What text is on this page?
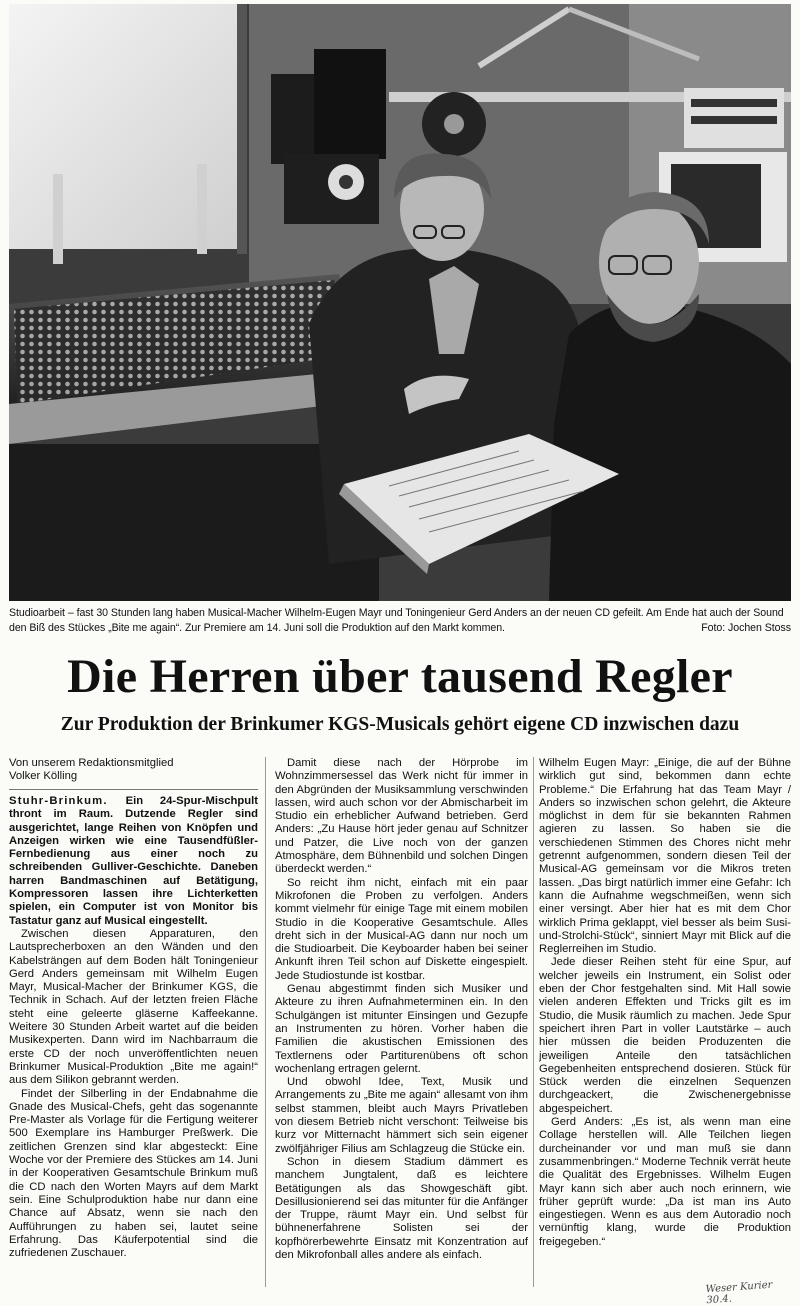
Studioarbeit – fast 30 Stunden lang haben Musical-Macher Wilhelm-Eugen Mayr und Toningenieur Gerd Anders an der neuen CD gefeilt. Am Ende hat auch der Sound den Biß des Stückes „Bite me again“. Zur Premiere am 14. Juni soll die Produktion auf den Markt kommen.	Foto: Jochen Stoss
Die Herren über tausend Regler
Zur Produktion der Brinkumer KGS-Musicals gehört eigene CD inzwischen dazu
Von unserem Redaktionsmitglied
Volker Kölling

Stuhr-Brinkum. Ein 24-Spur-Mischpult thront im Raum. Dutzende Regler sind ausgerichtet, lange Reihen von Knöpfen und Anzeigen wirken wie eine Tausendfüßler-Fernbedienung aus einer noch zu schreibenden Gulliver-Geschichte. Daneben harren Bandmaschinen auf Betätigung, Kompressoren lassen ihre Lichterketten spielen, ein Computer ist von Monitor bis Tastatur ganz auf Musical eingestellt.

Zwischen diesen Apparaturen, den Lautsprecherboxen an den Wänden und den Kabelsträngen auf dem Boden hält Toningenieur Gerd Anders gemeinsam mit Wilhelm Eugen Mayr, Musical-Macher der Brinkumer KGS, die Technik in Schach. Auf der letzten freien Fläche steht eine geleerte gläserne Kaffeekanne. Weitere 30 Stunden Arbeit wartet auf die beiden Musikexperten. Dann wird im Nachbarraum die erste CD der noch unveröffentlichten neuen Brinkumer Musical-Produktion „Bite me again!“ aus dem Silikon gebrannt werden.

Findet der Silberling in der Endabnahme die Gnade des Musical-Chefs, geht das sogenannte Pre-Master als Vorlage für die Fertigung weiterer 500 Exemplare ins Hamburger Preßwerk. Die zeitlichen Grenzen sind klar abgesteckt: Eine Woche vor der Premiere des Stückes am 14. Juni in der Kooperativen Gesamtschule Brinkum muß die CD nach den Worten Mayrs auf dem Markt sein. Eine Schulproduktion habe nur dann eine Chance auf Absatz, wenn sie nach den Aufführungen zu haben sei, lautet seine Erfahrung. Das Käuferpotential sind die zufriedenen Zuschauer.

Damit diese nach der Hörprobe im Wohnzimmersessel das Werk nicht für immer in den Abgründen der Musiksammlung verschwinden lassen, wird auch schon vor der Abmischarbeit im Studio ein erheblicher Aufwand betrieben. Gerd Anders: „Zu Hause hört jeder genau auf Schnitzer und Patzer, die Live noch von der ganzen Atmosphäre, dem Bühnenbild und solchen Dingen überdeckt werden.“

So reicht ihm nicht, einfach mit ein paar Mikrofonen die Proben zu verfolgen. Anders kommt vielmehr für einige Tage mit einem mobilen Studio in die Kooperative Gesamtschule. Alles dreht sich in der Musical-AG dann nur noch um die Studioarbeit. Die Keyboarder haben bei seiner Ankunft ihren Teil schon auf Diskette eingespielt. Jede Studiostunde ist kostbar.

Genau abgestimmt finden sich Musiker und Akteure zu ihren Aufnahmeterminen ein. In den Schulgängen ist mitunter Einsingen und Gezupfe an Instrumenten zu hören. Vorher haben die Familien die akustischen Emissionen des Textlernens oder Partiturenübens oft schon wochenlang ertragen gelernt.

Und obwohl Idee, Text, Musik und Arrangements zu „Bite me again“ allesamt von ihm selbst stammen, bleibt auch Mayrs Privatleben von diesem Betrieb nicht verschont: Teilweise bis kurz vor Mitternacht hämmert sich sein eigener zwölfjähriger Filius am Schlagzeug die Stücke ein.

Schon in diesem Stadium dämmert es manchem Jungtalent, daß es leichtere Betätigungen als das Showgeschäft gibt. Desillusionierend sei das mitunter für die Anfänger der Truppe, räumt Mayr ein. Und selbst für bühnenerfahrene Solisten sei der kopfhörerbewehrte Einsatz mit Konzentration auf den Mikrofonball alles andere als einfach.

Wilhelm Eugen Mayr: „Einige, die auf der Bühne wirklich gut sind, bekommen dann echte Probleme.“ Die Erfahrung hat das Team Mayr / Anders so inzwischen schon gelehrt, die Akteure möglichst in dem für sie bekannten Rahmen agieren zu lassen. So haben sie die verschiedenen Stimmen des Chores nicht mehr getrennt aufgenommen, sondern diesen Teil der Musical-AG gemeinsam vor die Mikros treten lassen. „Das birgt natürlich immer eine Gefahr: Ich kann die Aufnahme wegschmeißen, wenn sich einer versingt. Aber hier hat es mit dem Chor wirklich Prima geklappt, viel besser als beim Susi-und-Strolchi-Stück“, sinniert Mayr mit Blick auf die Reglerreihen im Studio.

Jede dieser Reihen steht für eine Spur, auf welcher jeweils ein Instrument, ein Solist oder eben der Chor festgehalten sind. Mit Hall sowie vielen anderen Effekten und Tricks gilt es im Studio, die Musik räumlich zu machen. Jede Spur speichert ihren Part in voller Lautstärke – auch hier müssen die beiden Produzenten die jeweiligen Anteile den tatsächlichen Gegebenheiten entsprechend dosieren. Stück für Stück werden die einzelnen Sequenzen durchgeackert, die Zwischenergebnisse abgespeichert.

Gerd Anders: „Es ist, als wenn man eine Collage herstellen will. Alle Teilchen liegen durcheinander vor und man muß sie dann zusammenbringen.“ Moderne Technik verrät heute die Qualität des Ergebnisses. Wilhelm Eugen Mayr kann sich aber auch noch erinnern, wie früher geprüft wurde: „Da ist man ins Auto eingestiegen. Wenn es aus dem Autoradio noch vernünftig klang, wurde die Produktion freigegeben.“

Weser Kurier 30.4.
